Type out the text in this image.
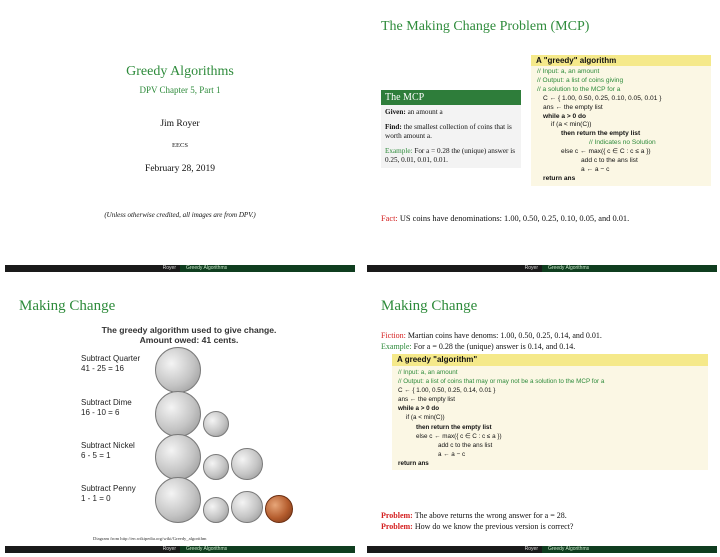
Greedy Algorithms
DPV Chapter 5, Part 1
Jim Royer
EECS
February 28, 2019
(Unless otherwise credited, all images are from DPV.)
Royer	Greedy Algorithms
The Making Change Problem (MCP)
The MCP
Given: an amount a
Find: the smallest collection of coins that is worth amount a.
Example: For a = 0.28 the (unique) answer is 0.25, 0.01, 0.01, 0.01.
A "greedy" algorithm
// Input: a, an amount
// Output: a list of coins giving
// a solution to the MCP for a
C ← { 1.00, 0.50, 0.25, 0.10, 0.05, 0.01 }
ans ← the empty list
while a > 0 do
if (a < min(C))
then return the empty list
// Indicates no Solution
else c ← max({ c ∈ C : c ≤ a })
add c to the ans list
a ← a − c
return ans
Fact: US coins have denominations: 1.00, 0.50, 0.25, 0.10, 0.05, and 0.01.
Royer	Greedy Algorithms
Making Change
The greedy algorithm used to give change.
Amount owed: 41 cents.
Subtract Quarter
41 - 25 = 16
Subtract Dime
16 - 10 = 6
Subtract Nickel
6 - 5 = 1
Subtract Penny
1 - 1 = 0
Diagram from http://en.wikipedia.org/wiki/Greedy_algorithm
Royer	Greedy Algorithms
Making Change
Fiction: Martian coins have denoms: 1.00, 0.50, 0.25, 0.14, and 0.01.
Example: For a = 0.28 the (unique) answer is 0.14, and 0.14.
A greedy "algorithm"
// Input: a, an amount
// Output: a list of coins that may or may not be a solution to the MCP for a
C ← { 1.00, 0.50, 0.25, 0.14, 0.01 }
ans ← the empty list
while a > 0 do
if (a < min(C))
then return the empty list
else c ← max({ c ∈ C : c ≤ a })
add c to the ans list
a ← a − c
return ans
Problem: The above returns the wrong answer for a = 28.
Problem: How do we know the previous version is correct?
Royer	Greedy Algorithms
